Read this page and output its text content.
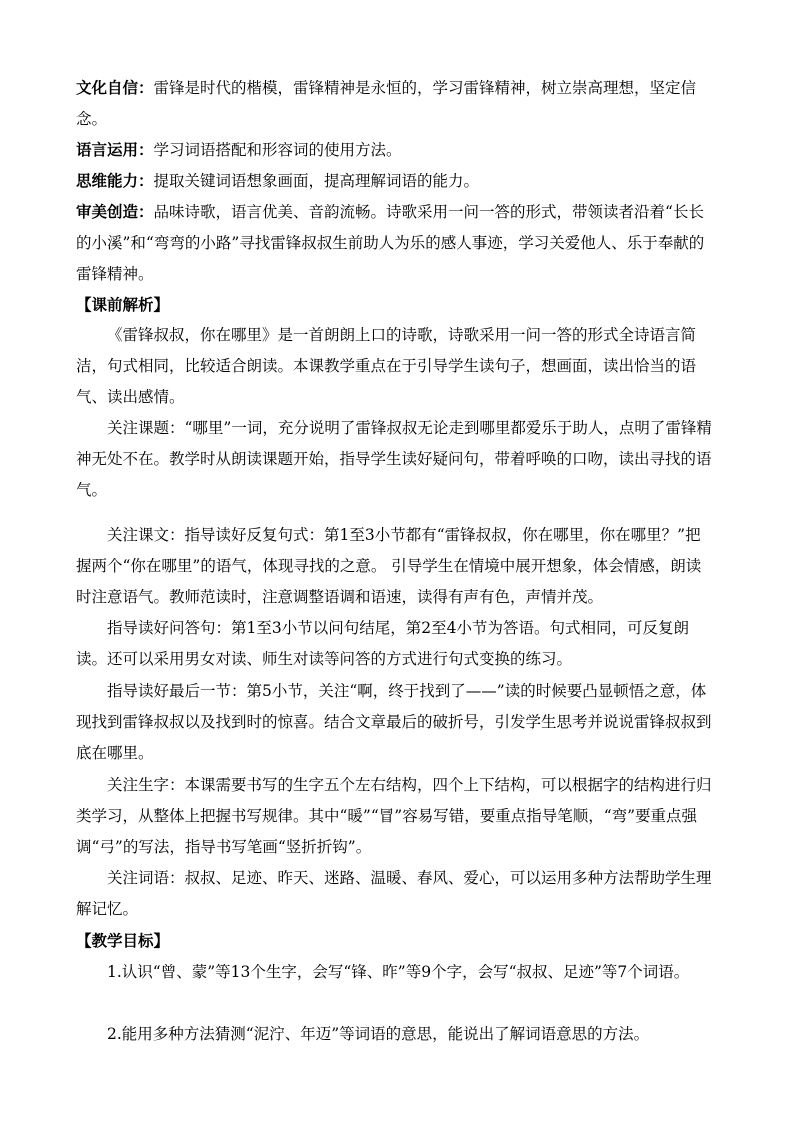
文化自信：雷锋是时代的楷模，雷锋精神是永恒的，学习雷锋精神，树立崇高理想，坚定信念。

语言运用：学习词语搭配和形容词的使用方法。

思维能力：提取关键词语想象画面，提高理解词语的能力。

审美创造：品味诗歌，语言优美、音韵流畅。诗歌采用一问一答的形式，带领读者沿着“长长的小溪”和“弯弯的小路”寻找雷锋叔叔生前助人为乐的感人事迹，学习关爱他人、乐于奉献的雷锋精神。

【课前解析】

《雷锋叔叔，你在哪里》是一首朗朗上口的诗歌，诗歌采用一问一答的形式全诗语言简洁，句式相同，比较适合朗读。本课教学重点在于引导学生读句子，想画面，读出恰当的语气、读出感情。

关注课题：“哪里”一词，充分说明了雷锋叔叔无论走到哪里都爱乐于助人，点明了雷锋精神无处不在。教学时从朗读课题开始，指导学生读好疑问句，带着呼唤的口吻，读出寻找的语气。

关注课文：指导读好反复句式：第1至3小节都有“雷锋叔叔，你在哪里，你在哪里？”把握两个“你在哪里”的语气，体现寻找的之意。 引导学生在情境中展开想象，体会情感，朗读时注意语气。教师范读时，注意调整语调和语速，读得有声有色，声情并茂。

指导读好问答句：第1至3小节以问句结尾，第2至4小节为答语。句式相同，可反复朗读。还可以采用男女对读、师生对读等问答的方式进行句式变换的练习。

指导读好最后一节：第5小节，关注“啊，终于找到了——”读的时候要凸显顿悟之意，体现找到雷锋叔叔以及找到时的惊喜。结合文章最后的破折号，引发学生思考并说说雷锋叔叔到底在哪里。

关注生字：本课需要书写的生字五个左右结构，四个上下结构，可以根据字的结构进行归类学习，从整体上把握书写规律。其中“暖”“冒”容易写错，要重点指导笔顺，“弯”要重点强调“弓”的写法，指导书写笔画“竖折折钩”。

关注词语：叔叔、足迹、昨天、迷路、温暖、春风、爱心，可以运用多种方法帮助学生理解记忆。

【教学目标】

1.认识“曾、蒙”等13个生字，会写“锋、昨”等9个字，会写“叔叔、足迹”等7个词语。

2.能用多种方法猜测“泥泞、年迈”等词语的意思，能说出了解词语意思的方法。
